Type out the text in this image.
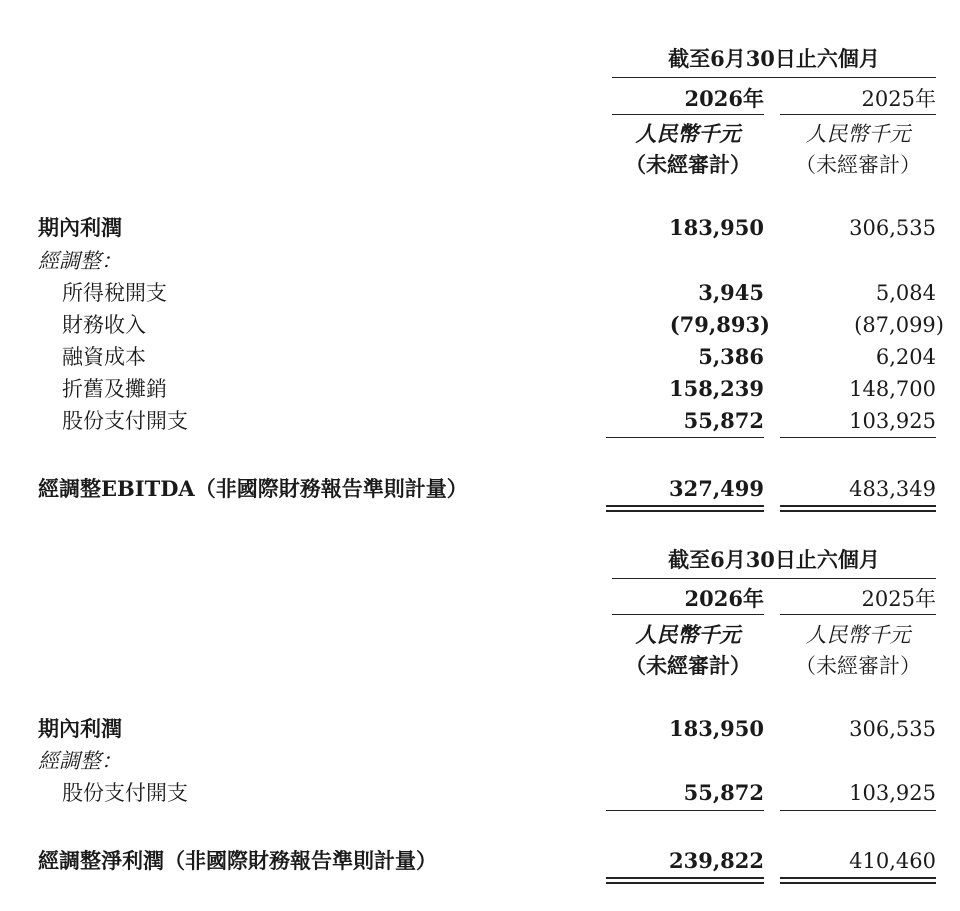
截至6月30日止六個月
2026年	2025年
人民幣千元	人民幣千元
（未經審計）	（未經審計）
期內利潤	183,950	306,535
經調整：
所得稅開支	3,945	5,084
財務收入	(79,893)	(87,099)
融資成本	5,386	6,204
折舊及攤銷	158,239	148,700
股份支付開支	55,872	103,925
經調整EBITDA（非國際財務報告準則計量）	327,499	483,349
截至6月30日止六個月
2026年	2025年
人民幣千元	人民幣千元
（未經審計）	（未經審計）
期內利潤	183,950	306,535
經調整：
股份支付開支	55,872	103,925
經調整淨利潤（非國際財務報告準則計量）	239,822	410,460
